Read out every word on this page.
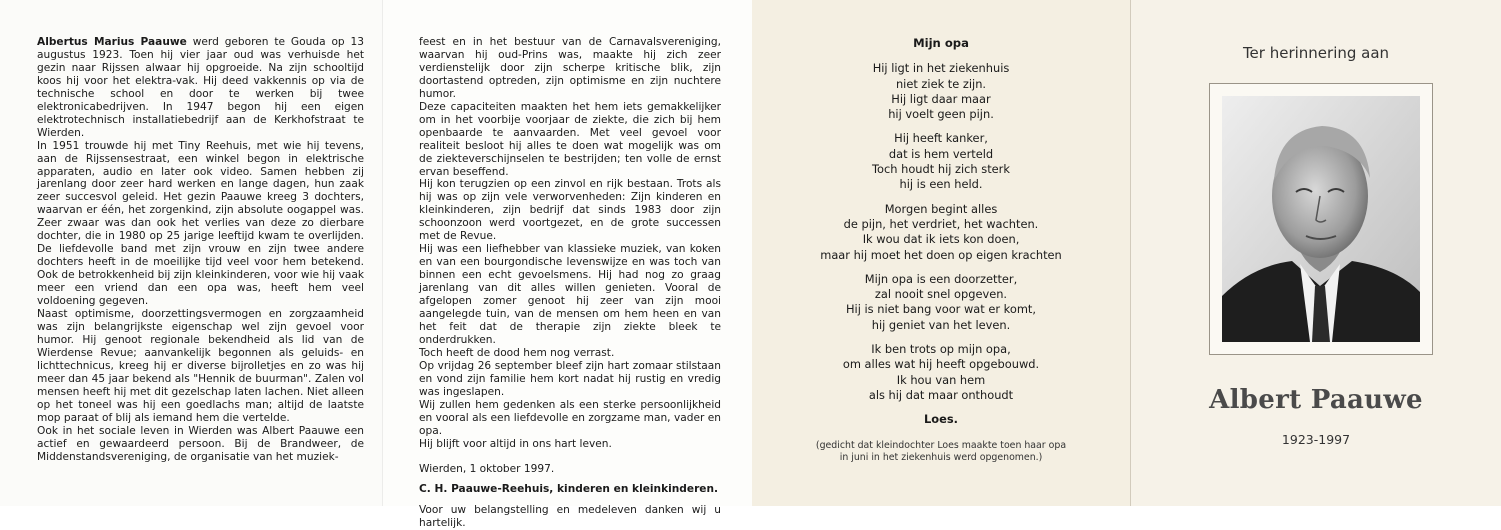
Albertus Marius Paauwe werd geboren te Gouda op 13 augustus 1923. Toen hij vier jaar oud was verhuisde het gezin naar Rijssen alwaar hij opgroeide. Na zijn schooltijd koos hij voor het elektra-vak. Hij deed vakkennis op via de technische school en door te werken bij twee elektronicabedrijven. In 1947 begon hij een eigen elektrotechnisch installatiebedrijf aan de Kerkhofstraat te Wierden.

In 1951 trouwde hij met Tiny Reehuis, met wie hij tevens, aan de Rijssensestraat, een winkel begon in elektrische apparaten, audio en later ook video. Samen hebben zij jarenlang door zeer hard werken en lange dagen, hun zaak zeer succesvol geleid. Het gezin Paauwe kreeg 3 dochters, waarvan er één, het zorgenkind, zijn absolute oogappel was. Zeer zwaar was dan ook het verlies van deze zo dierbare dochter, die in 1980 op 25 jarige leeftijd kwam te overlijden. De liefdevolle band met zijn vrouw en zijn twee andere dochters heeft in de moeilijke tijd veel voor hem betekend. Ook de betrokkenheid bij zijn kleinkinderen, voor wie hij vaak meer een vriend dan een opa was, heeft hem veel voldoening gegeven.

Naast optimisme, doorzettingsvermogen en zorgzaamheid was zijn belangrijkste eigenschap wel zijn gevoel voor humor. Hij genoot regionale bekendheid als lid van de Wierdense Revue; aanvankelijk begonnen als geluids- en lichttechnicus, kreeg hij er diverse bijrolletjes en zo was hij meer dan 45 jaar bekend als "Hennik de buurman". Zalen vol mensen heeft hij met dit gezelschap laten lachen. Niet alleen op het toneel was hij een goedlachs man; altijd de laatste mop paraat of blij als iemand hem die vertelde.

Ook in het sociale leven in Wierden was Albert Paauwe een actief en gewaardeerd persoon. Bij de Brandweer, de Middenstandsvereniging, de organisatie van het muziek-

feest en in het bestuur van de Carnavalsvereniging, waarvan hij oud-Prins was, maakte hij zich zeer verdienstelijk door zijn scherpe kritische blik, zijn doortastend optreden, zijn optimisme en zijn nuchtere humor.

Deze capaciteiten maakten het hem iets gemakkelijker om in het voorbije voorjaar de ziekte, die zich bij hem openbaarde te aanvaarden. Met veel gevoel voor realiteit besloot hij alles te doen wat mogelijk was om de ziekteverschijnselen te bestrijden; ten volle de ernst ervan beseffend.

Hij kon terugzien op een zinvol en rijk bestaan. Trots als hij was op zijn vele verworvenheden: Zijn kinderen en kleinkinderen, zijn bedrijf dat sinds 1983 door zijn schoonzoon werd voortgezet, en de grote successen met de Revue.

Hij was een liefhebber van klassieke muziek, van koken en van een bourgondische levenswijze en was toch van binnen een echt gevoelsmens. Hij had nog zo graag jarenlang van dit alles willen genieten. Vooral de afgelopen zomer genoot hij zeer van zijn mooi aangelegde tuin, van de mensen om hem heen en van het feit dat de therapie zijn ziekte bleek te onderdrukken.

Toch heeft de dood hem nog verrast.

Op vrijdag 26 september bleef zijn hart zomaar stilstaan en vond zijn familie hem kort nadat hij rustig en vredig was ingeslapen.

Wij zullen hem gedenken als een sterke persoonlijkheid en vooral als een liefdevolle en zorgzame man, vader en opa.

Hij blijft voor altijd in ons hart leven.

Wierden, 1 oktober 1997.

C. H. Paauwe-Reehuis, kinderen en kleinkinderen.

Voor uw belangstelling en medeleven danken wij u hartelijk.

Mijn opa
Hij ligt in het ziekenhuis
niet ziek te zijn.
Hij ligt daar maar
hij voelt geen pijn.
Hij heeft kanker,
dat is hem verteld
Toch houdt hij zich sterk
hij is een held.
Morgen begint alles
de pijn, het verdriet, het wachten.
Ik wou dat ik iets kon doen,
maar hij moet het doen op eigen krachten
Mijn opa is een doorzetter,
zal nooit snel opgeven.
Hij is niet bang voor wat er komt,
hij geniet van het leven.
Ik ben trots op mijn opa,
om alles wat hij heeft opgebouwd.
Ik hou van hem
als hij dat maar onthoudt
Loes.
(gedicht dat kleindochter Loes maakte toen haar opa
in juni in het ziekenhuis werd opgenomen.)
Ter herinnering aan
Albert Paauwe
1923-1997
